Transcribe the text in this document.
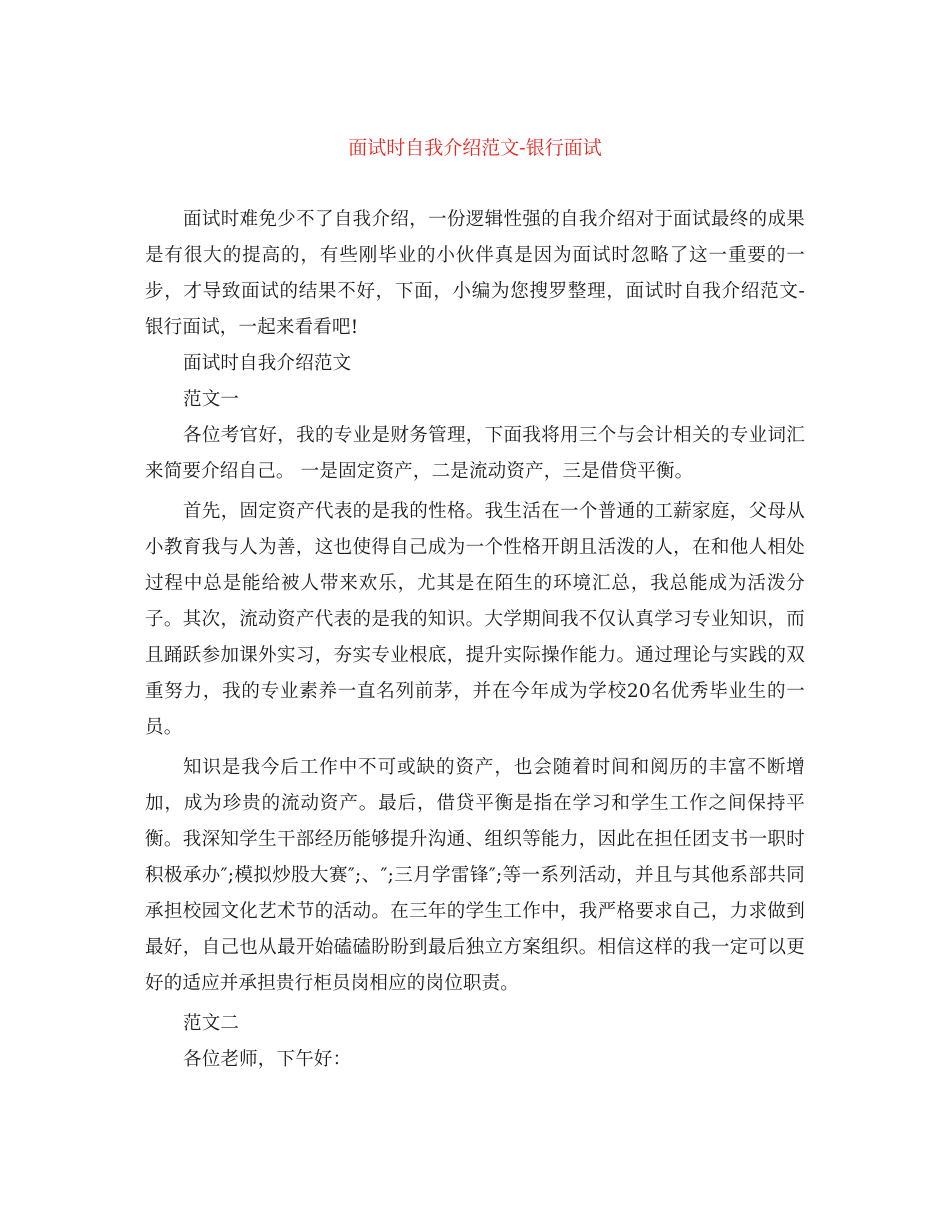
面试时自我介绍范文-银行面试

面试时难免少不了自我介绍，一份逻辑性强的自我介绍对于面试最终的成果是有很大的提高的，有些刚毕业的小伙伴真是因为面试时忽略了这一重要的一步，才导致面试的结果不好，下面，小编为您搜罗整理，面试时自我介绍范文-银行面试，一起来看看吧!

面试时自我介绍范文

范文一

各位考官好，我的专业是财务管理，下面我将用三个与会计相关的专业词汇来简要介绍自己。 一是固定资产，二是流动资产，三是借贷平衡。

首先，固定资产代表的是我的性格。我生活在一个普通的工薪家庭，父母从小教育我与人为善，这也使得自己成为一个性格开朗且活泼的人，在和他人相处过程中总是能给被人带来欢乐，尤其是在陌生的环境汇总，我总能成为活泼分子。其次，流动资产代表的是我的知识。大学期间我不仅认真学习专业知识，而且踊跃参加课外实习，夯实专业根底，提升实际操作能力。通过理论与实践的双重努力，我的专业素养一直名列前茅，并在今年成为学校20名优秀毕业生的一员。

知识是我今后工作中不可或缺的资产，也会随着时间和阅历的丰富不断增加，成为珍贵的流动资产。最后，借贷平衡是指在学习和学生工作之间保持平衡。我深知学生干部经历能够提升沟通、组织等能力，因此在担任团支书一职时积极承办″;模拟炒股大赛″;、″;三月学雷锋″;等一系列活动，并且与其他系部共同承担校园文化艺术节的活动。在三年的学生工作中，我严格要求自己，力求做到最好，自己也从最开始磕磕盼盼到最后独立方案组织。相信这样的我一定可以更好的适应并承担贵行柜员岗相应的岗位职责。

范文二

各位老师，下午好：
